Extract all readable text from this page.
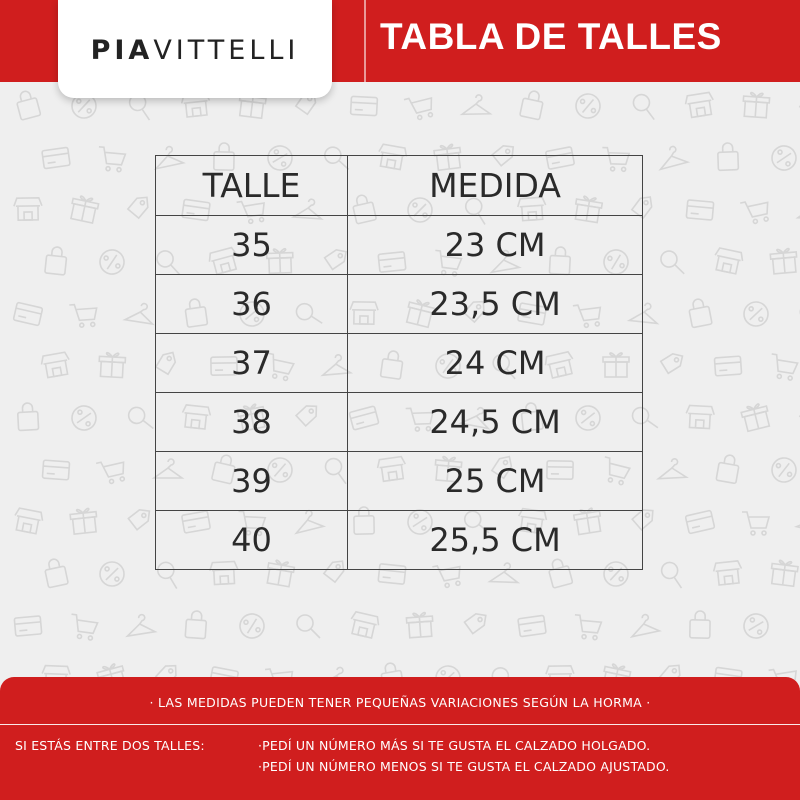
TABLA DE TALLES
PIAVITTELLI
TALLE	MEDIDA
35	23 CM
36	23,5 CM
37	24 CM
38	24,5 CM
39	25 CM
40	25,5 CM
· LAS MEDIDAS PUEDEN TENER PEQUEÑAS VARIACIONES SEGÚN LA HORMA ·
SI ESTÁS ENTRE DOS TALLES:	·PEDÍ UN NÚMERO MÁS SI TE GUSTA EL CALZADO HOLGADO.
·PEDÍ UN NÚMERO MENOS SI TE GUSTA EL CALZADO AJUSTADO.
